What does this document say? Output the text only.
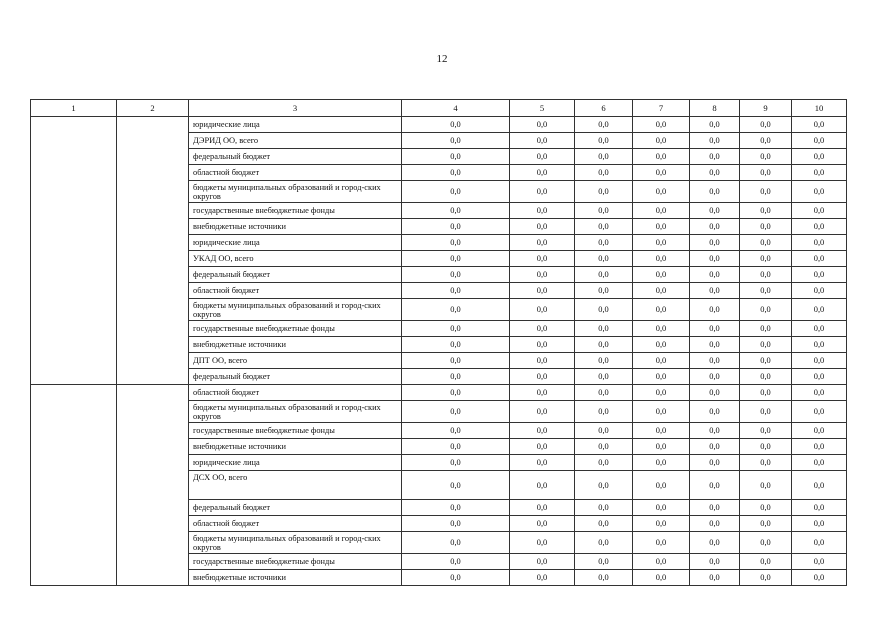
12
1	2	3	4	5	6	7	8	9	10
		юридические лица	0,0	0,0	0,0	0,0	0,0	0,0	0,0
		ДЭРИД ОО, всего	0,0	0,0	0,0	0,0	0,0	0,0	0,0
		федеральный бюджет	0,0	0,0	0,0	0,0	0,0	0,0	0,0
		областной бюджет	0,0	0,0	0,0	0,0	0,0	0,0	0,0
		бюджеты муниципальных образований и город-ских округов	0,0	0,0	0,0	0,0	0,0	0,0	0,0
		государственные внебюджетные фонды	0,0	0,0	0,0	0,0	0,0	0,0	0,0
		внебюджетные источники	0,0	0,0	0,0	0,0	0,0	0,0	0,0
		юридические лица	0,0	0,0	0,0	0,0	0,0	0,0	0,0
		УКАД ОО, всего	0,0	0,0	0,0	0,0	0,0	0,0	0,0
		федеральный бюджет	0,0	0,0	0,0	0,0	0,0	0,0	0,0
		областной бюджет	0,0	0,0	0,0	0,0	0,0	0,0	0,0
		бюджеты муниципальных образований и город-ских округов	0,0	0,0	0,0	0,0	0,0	0,0	0,0
		государственные внебюджетные фонды	0,0	0,0	0,0	0,0	0,0	0,0	0,0
		внебюджетные источники	0,0	0,0	0,0	0,0	0,0	0,0	0,0
		ДПТ ОО, всего	0,0	0,0	0,0	0,0	0,0	0,0	0,0
		федеральный бюджет	0,0	0,0	0,0	0,0	0,0	0,0	0,0
		областной бюджет	0,0	0,0	0,0	0,0	0,0	0,0	0,0
		бюджеты муниципальных образований и город-ских округов	0,0	0,0	0,0	0,0	0,0	0,0	0,0
		государственные внебюджетные фонды	0,0	0,0	0,0	0,0	0,0	0,0	0,0
		внебюджетные источники	0,0	0,0	0,0	0,0	0,0	0,0	0,0
		юридические лица	0,0	0,0	0,0	0,0	0,0	0,0	0,0
		ДСХ ОО, всего	0,0	0,0	0,0	0,0	0,0	0,0	0,0
		федеральный бюджет	0,0	0,0	0,0	0,0	0,0	0,0	0,0
		областной бюджет	0,0	0,0	0,0	0,0	0,0	0,0	0,0
		бюджеты муниципальных образований и город-ских округов	0,0	0,0	0,0	0,0	0,0	0,0	0,0
		государственные внебюджетные фонды	0,0	0,0	0,0	0,0	0,0	0,0	0,0
		внебюджетные источники	0,0	0,0	0,0	0,0	0,0	0,0	0,0
